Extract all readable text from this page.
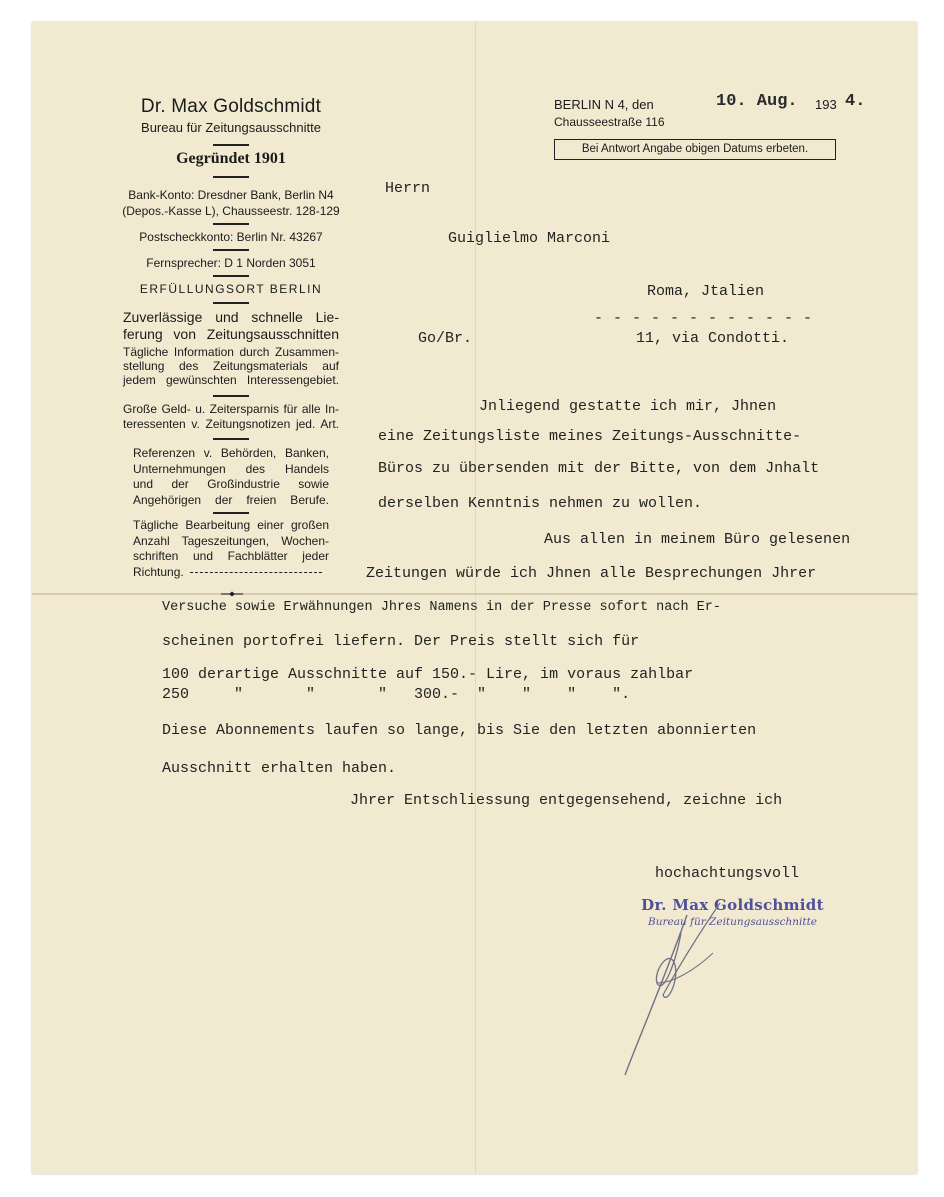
Dr. Max Goldschmidt
Bureau für Zeitungsausschnitte
Gegründet 1901
Bank-Konto: Dresdner Bank, Berlin N4
(Depos.-Kasse L), Chausseestr. 128-129
Postscheckkonto: Berlin Nr. 43267
Fernsprecher: D 1 Norden 3051
ERFÜLLUNGSORT BERLIN
Zuverlässige und schnelle Lie-
ferung von Zeitungsausschnitten
Tägliche Information durch Zusammen-
stellung des Zeitungsmaterials auf
jedem gewünschten Interessengebiet.
Große Geld- u. Zeitersparnis für alle In-
teressenten v. Zeitungsnotizen jed. Art.
Referenzen v. Behörden, Banken,
Unternehmungen des Handels
und der Großindustrie sowie
Angehörigen der freien Berufe.
Tägliche Bearbeitung einer großen
Anzahl Tageszeitungen, Wochen-
schriften und Fachblätter jeder
Richtung.
BERLIN N 4, den
Chausseestraße 116
10. Aug. 193 4.
Bei Antwort Angabe obigen Datums erbeten.
Herrn
Guiglielmo Marconi
Roma, Jtalien
- - - - - - - - - - - -
Go/Br.	11, via Condotti.
Jnliegend gestatte ich mir, Jhnen
eine Zeitungsliste meines Zeitungs-Ausschnitte-
Büros zu übersenden mit der Bitte, von dem Jnhalt
derselben Kenntnis nehmen zu wollen.
Aus allen in meinem Büro gelesenen
Zeitungen würde ich Jhnen alle Besprechungen Jhrer
Versuche sowie Erwähnungen Jhres Namens in der Presse sofort nach Er-
scheinen portofrei liefern. Der Preis stellt sich für
100 derartige Ausschnitte auf 150.- Lire, im voraus zahlbar
250     "       "       "   300.-  "    "    "    ".
Diese Abonnements laufen so lange, bis Sie den letzten abonnierten
Ausschnitt erhalten haben.
Jhrer Entschliessung entgegensehend, zeichne ich
hochachtungsvoll
Dr. Max Goldschmidt
Bureau für Zeitungsausschnitte
